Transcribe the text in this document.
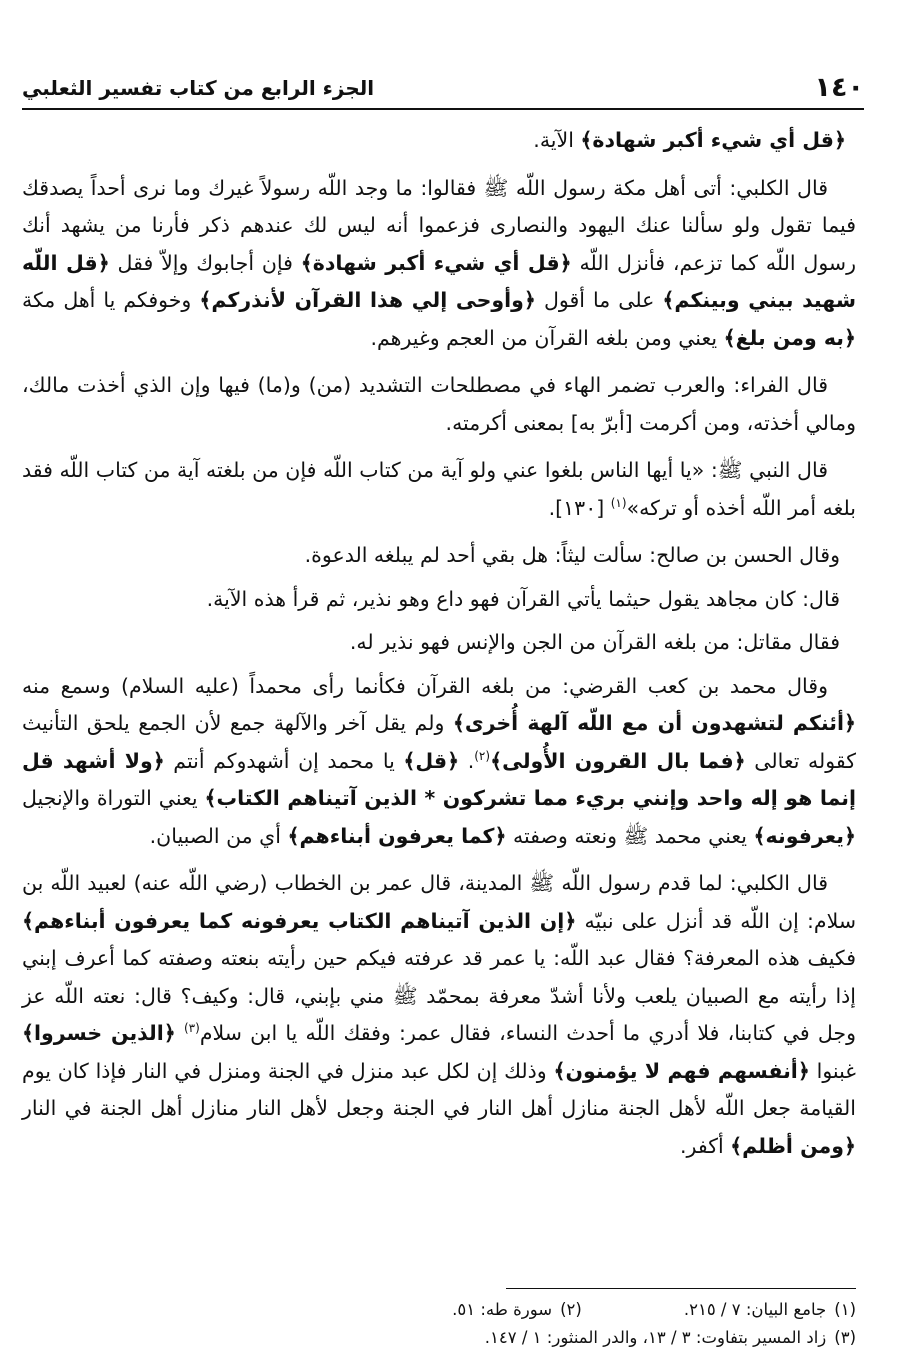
١٤٠
الجزء الرابع من كتاب تفسير الثعلبي

﴿قل أي شيء أكبر شهادة﴾ الآية.

قال الكلبي: أتى أهل مكة رسول اللّه ﷺ فقالوا: ما وجد اللّه رسولاً غيرك وما نرى أحداً يصدقك فيما تقول ولو سألنا عنك اليهود والنصارى فزعموا أنه ليس لك عندهم ذكر فأرنا من يشهد أنك رسول اللّه كما تزعم، فأنزل اللّه ﴿قل أي شيء أكبر شهادة﴾ فإن أجابوك وإلاّ فقل ﴿قل اللّه شهيد بيني وبينكم﴾ على ما أقول ﴿وأوحى إلي هذا القرآن لأنذركم﴾ وخوفكم يا أهل مكة ﴿به ومن بلغ﴾ يعني ومن بلغه القرآن من العجم وغيرهم.

قال الفراء: والعرب تضمر الهاء في مصطلحات التشديد (من) و(ما) فيها وإن الذي أخذت مالك، ومالي أخذته، ومن أكرمت [أبرّ به] بمعنى أكرمته.

قال النبي ﷺ: «يا أيها الناس بلغوا عني ولو آية من كتاب اللّه فإن من بلغته آية من كتاب اللّه فقد بلغه أمر اللّه أخذه أو تركه»$^{(١)}$ [١٣٠].

وقال الحسن بن صالح: سألت ليثاً: هل بقي أحد لم يبلغه الدعوة.

قال: كان مجاهد يقول حيثما يأتي القرآن فهو داع وهو نذير، ثم قرأ هذه الآية.

فقال مقاتل: من بلغه القرآن من الجن والإنس فهو نذير له.

وقال محمد بن كعب القرضي: من بلغه القرآن فكأنما رأى محمداً (عليه السلام) وسمع منه ﴿أئنكم لتشهدون أن مع اللّه آلهة أُخرى﴾ ولم يقل آخر والآلهة جمع لأن الجمع يلحق التأنيث كقوله تعالى ﴿فما بال القرون الأُولى﴾$^{(٢)}$. ﴿قل﴾ يا محمد إن أشهدوكم أنتم ﴿ولا أشهد قل إنما هو إله واحد وإنني بريء مما تشركون * الذين آتيناهم الكتاب﴾ يعني التوراة والإنجيل ﴿يعرفونه﴾ يعني محمد ﷺ ونعته وصفته ﴿كما يعرفون أبناءهم﴾ أي من الصبيان.

قال الكلبي: لما قدم رسول اللّه ﷺ المدينة، قال عمر بن الخطاب (رضي اللّه عنه) لعبيد اللّه بن سلام: إن اللّه قد أنزل على نبيّه ﴿إن الذين آتيناهم الكتاب يعرفونه كما يعرفون أبناءهم﴾ فكيف هذه المعرفة؟ فقال عبد اللّه: يا عمر قد عرفته فيكم حين رأيته بنعته وصفته كما أعرف إبني إذا رأيته مع الصبيان يلعب ولأنا أشدّ معرفة بمحمّد ﷺ مني بإبني، قال: وكيف؟ قال: نعته اللّه عز وجل في كتابنا، فلا أدري ما أحدث النساء، فقال عمر: وفقك اللّه يا ابن سلام$^{(٣)}$ ﴿الذين خسروا﴾ غبنوا ﴿أنفسهم فهم لا يؤمنون﴾ وذلك إن لكل عبد منزل في الجنة ومنزل في النار فإذا كان يوم القيامة جعل اللّه لأهل الجنة منازل أهل النار في الجنة وجعل لأهل النار منازل أهل الجنة في النار ﴿ومن أظلم﴾ أكفر.

(١)جامع البيان: ٧ / ٢١٥.
(٢)سورة طه: ٥١.
(٣)زاد المسير بتفاوت: ٣ / ١٣، والدر المنثور: ١ / ١٤٧.
